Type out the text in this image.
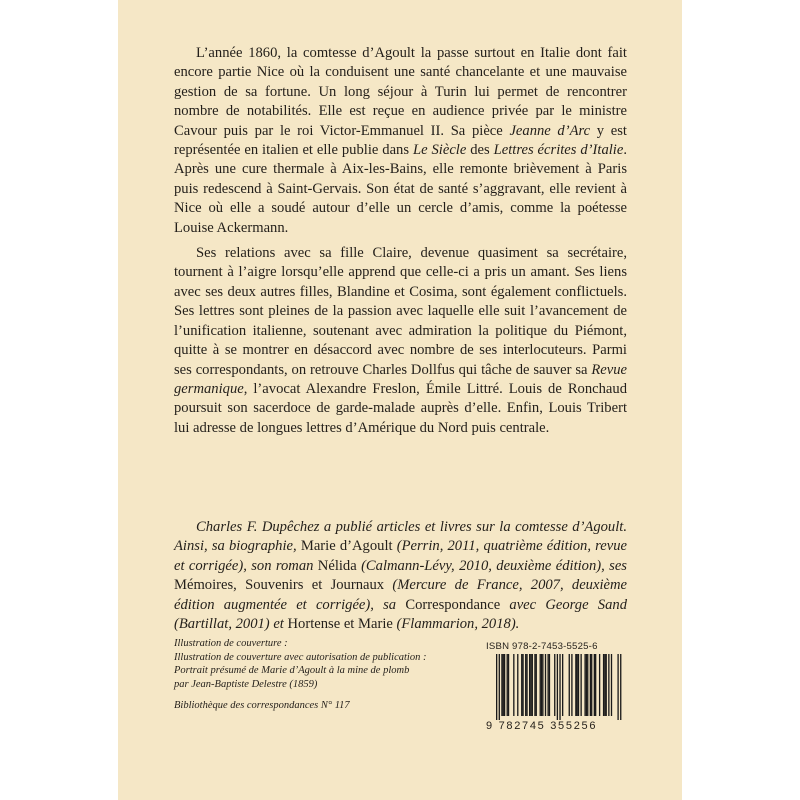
L’année 1860, la comtesse d’Agoult la passe surtout en Italie dont fait encore partie Nice où la conduisent une santé chancelante et une mauvaise gestion de sa fortune. Un long séjour à Turin lui permet de rencontrer nombre de notabilités. Elle est reçue en audience privée par le ministre Cavour puis par le roi Victor-Emmanuel II. Sa pièce Jeanne d’Arc y est représentée en italien et elle publie dans Le Siècle des Lettres écrites d’Italie. Après une cure thermale à Aix-les-Bains, elle remonte brièvement à Paris puis redescend à Saint-Gervais. Son état de santé s’aggravant, elle revient à Nice où elle a soudé autour d’elle un cercle d’amis, comme la poétesse Louise Ackermann.

Ses relations avec sa fille Claire, devenue quasiment sa secrétaire, tournent à l’aigre lorsqu’elle apprend que celle-ci a pris un amant. Ses liens avec ses deux autres filles, Blandine et Cosima, sont également conflictuels. Ses lettres sont pleines de la passion avec laquelle elle suit l’avancement de l’unification italienne, soutenant avec admiration la politique du Piémont, quitte à se montrer en désaccord avec nombre de ses interlocuteurs. Parmi ses correspondants, on retrouve Charles Dollfus qui tâche de sauver sa Revue germanique, l’avocat Alexandre Freslon, Émile Littré. Louis de Ronchaud poursuit son sacerdoce de garde-malade auprès d’elle. Enfin, Louis Tribert lui adresse de longues lettres d’Amérique du Nord puis centrale.

Charles F. Dupêchez a publié articles et livres sur la comtesse d’Agoult. Ainsi, sa biographie, Marie d’Agoult (Perrin, 2011, quatrième édition, revue et corrigée), son roman Nélida (Calmann-Lévy, 2010, deuxième édition), ses Mémoires, Souvenirs et Journaux (Mercure de France, 2007, deuxième édition augmentée et corrigée), sa Correspondance avec George Sand (Bartillat, 2001) et Hortense et Marie (Flammarion, 2018).
Illustration de couverture :
Illustration de couverture avec autorisation de publication :
Portrait présumé de Marie d’Agoult à la mine de plomb
par Jean-Baptiste Delestre (1859)
Bibliothèque des correspondances N° 117
ISBN 978-2-7453-5525-6
9 782745 355256
